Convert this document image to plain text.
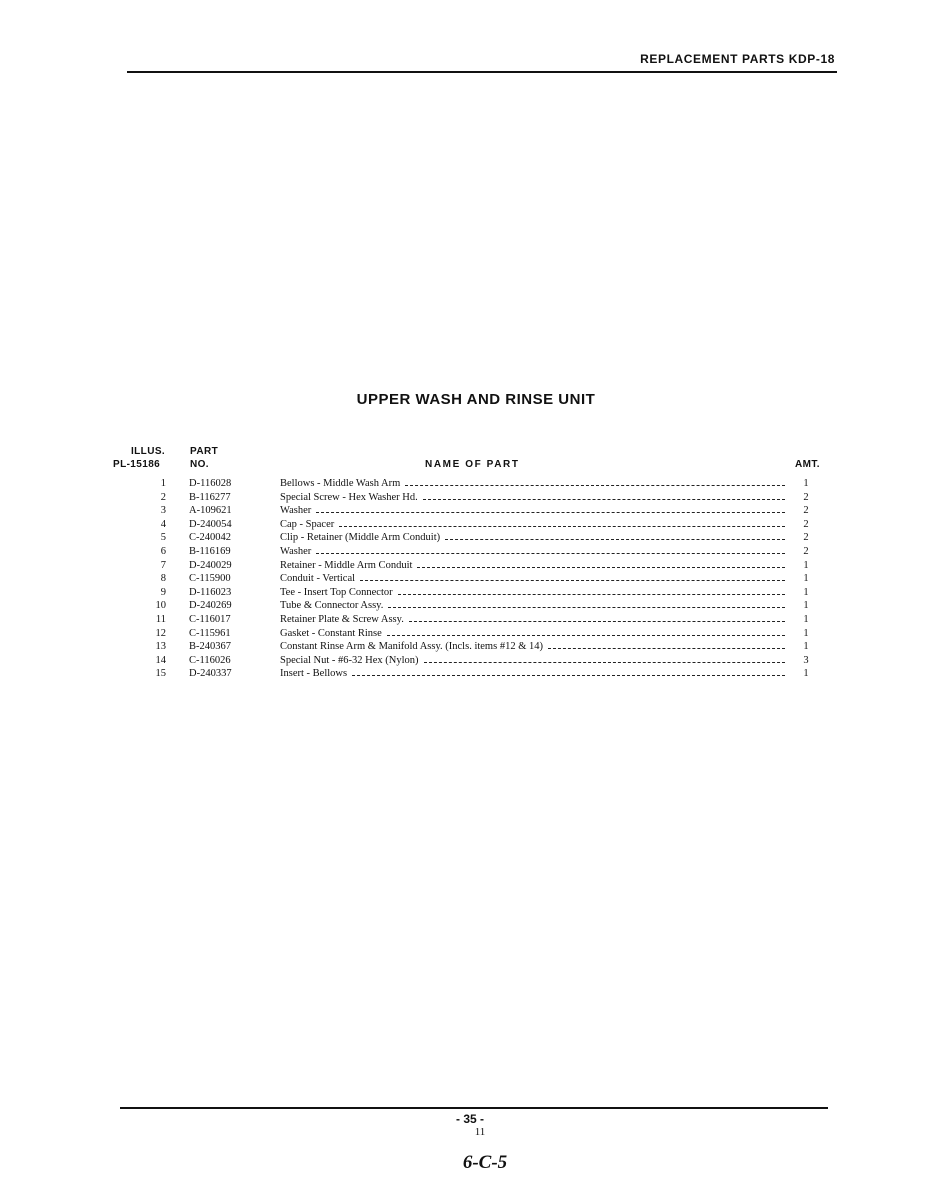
REPLACEMENT PARTS KDP-18
UPPER WASH AND RINSE UNIT
ILLUS.
PL-15186
PART
NO.	NAME OF PART	AMT.
1 D-116028	Bellows - Middle Wash Arm	1
2 B-116277	Special Screw - Hex Washer Hd.	2
3 A-109621	Washer	2
4 D-240054	Cap - Spacer	2
5 C-240042	Clip - Retainer (Middle Arm Conduit)	2
6 B-116169	Washer	2
7 D-240029	Retainer - Middle Arm Conduit	1
8 C-115900	Conduit - Vertical	1
9 D-116023	Tee - Insert Top Connector	1
10 D-240269	Tube & Connector Assy.	1
11 C-116017	Retainer Plate & Screw Assy.	1
12 C-115961	Gasket - Constant Rinse	1
13 B-240367	Constant Rinse Arm & Manifold Assy. (Incls. items #12 & 14)	1
14 C-116026	Special Nut - #6-32 Hex (Nylon)	3
15 D-240337	Insert - Bellows	1
- 35 -
11
6-C-5
